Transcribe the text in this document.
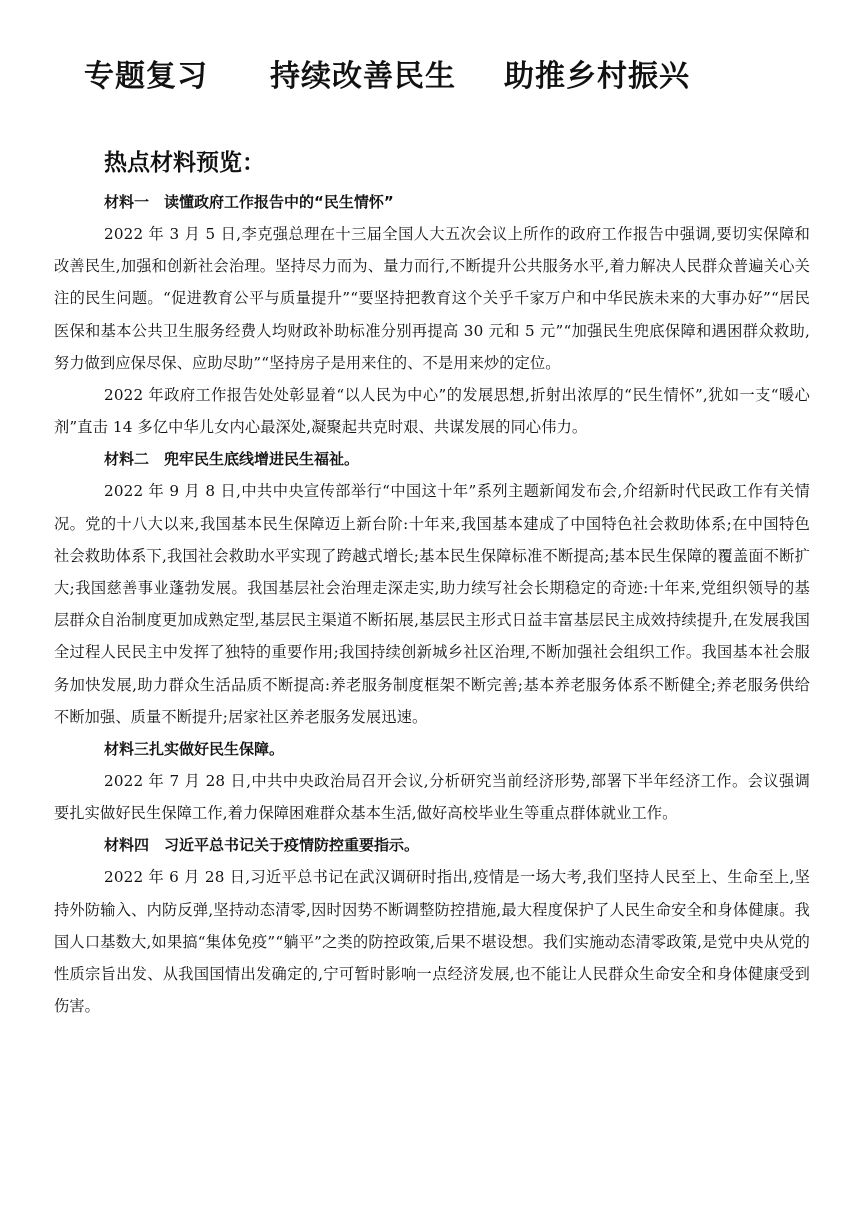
专题复习 持续改善民生 助推乡村振兴
热点材料预览：

材料一　读懂政府工作报告中的“民生情怀”

2022 年 3 月 5 日,李克强总理在十三届全国人大五次会议上所作的政府工作报告中强调,要切实保障和改善民生,加强和创新社会治理。坚持尽力而为、量力而行,不断提升公共服务水平,着力解决人民群众普遍关心关注的民生问题。“促进教育公平与质量提升”“要坚持把教育这个关乎千家万户和中华民族未来的大事办好”“居民医保和基本公共卫生服务经费人均财政补助标准分别再提高 30 元和 5 元”“加强民生兜底保障和遇困群众救助,努力做到应保尽保、应助尽助”“坚持房子是用来住的、不是用来炒的定位。

2022 年政府工作报告处处彰显着“以人民为中心”的发展思想,折射出浓厚的“民生情怀”,犹如一支“暖心剂”直击 14 多亿中华儿女内心最深处,凝聚起共克时艰、共谋发展的同心伟力。

材料二　兜牢民生底线增进民生福祉。

2022 年 9 月 8 日,中共中央宣传部举行“中国这十年”系列主题新闻发布会,介绍新时代民政工作有关情况。党的十八大以来,我国基本民生保障迈上新台阶:十年来,我国基本建成了中国特色社会救助体系;在中国特色社会救助体系下,我国社会救助水平实现了跨越式增长;基本民生保障标准不断提高;基本民生保障的覆盖面不断扩大;我国慈善事业蓬勃发展。我国基层社会治理走深走实,助力续写社会长期稳定的奇迹:十年来,党组织领导的基层群众自治制度更加成熟定型,基层民主渠道不断拓展,基层民主形式日益丰富基层民主成效持续提升,在发展我国全过程人民民主中发挥了独特的重要作用;我国持续创新城乡社区治理,不断加强社会组织工作。我国基本社会服务加快发展,助力群众生活品质不断提高:养老服务制度框架不断完善;基本养老服务体系不断健全;养老服务供给不断加强、质量不断提升;居家社区养老服务发展迅速。

材料三扎实做好民生保障。

2022 年 7 月 28 日,中共中央政治局召开会议,分析研究当前经济形势,部署下半年经济工作。会议强调要扎实做好民生保障工作,着力保障困难群众基本生活,做好高校毕业生等重点群体就业工作。

材料四　习近平总书记关于疫情防控重要指示。

2022 年 6 月 28 日,习近平总书记在武汉调研时指出,疫情是一场大考,我们坚持人民至上、生命至上,坚持外防输入、内防反弹,坚持动态清零,因时因势不断调整防控措施,最大程度保护了人民生命安全和身体健康。我国人口基数大,如果搞“集体免疫”“躺平”之类的防控政策,后果不堪设想。我们实施动态清零政策,是党中央从党的性质宗旨出发、从我国国情出发确定的,宁可暂时影响一点经济发展,也不能让人民群众生命安全和身体健康受到伤害。
